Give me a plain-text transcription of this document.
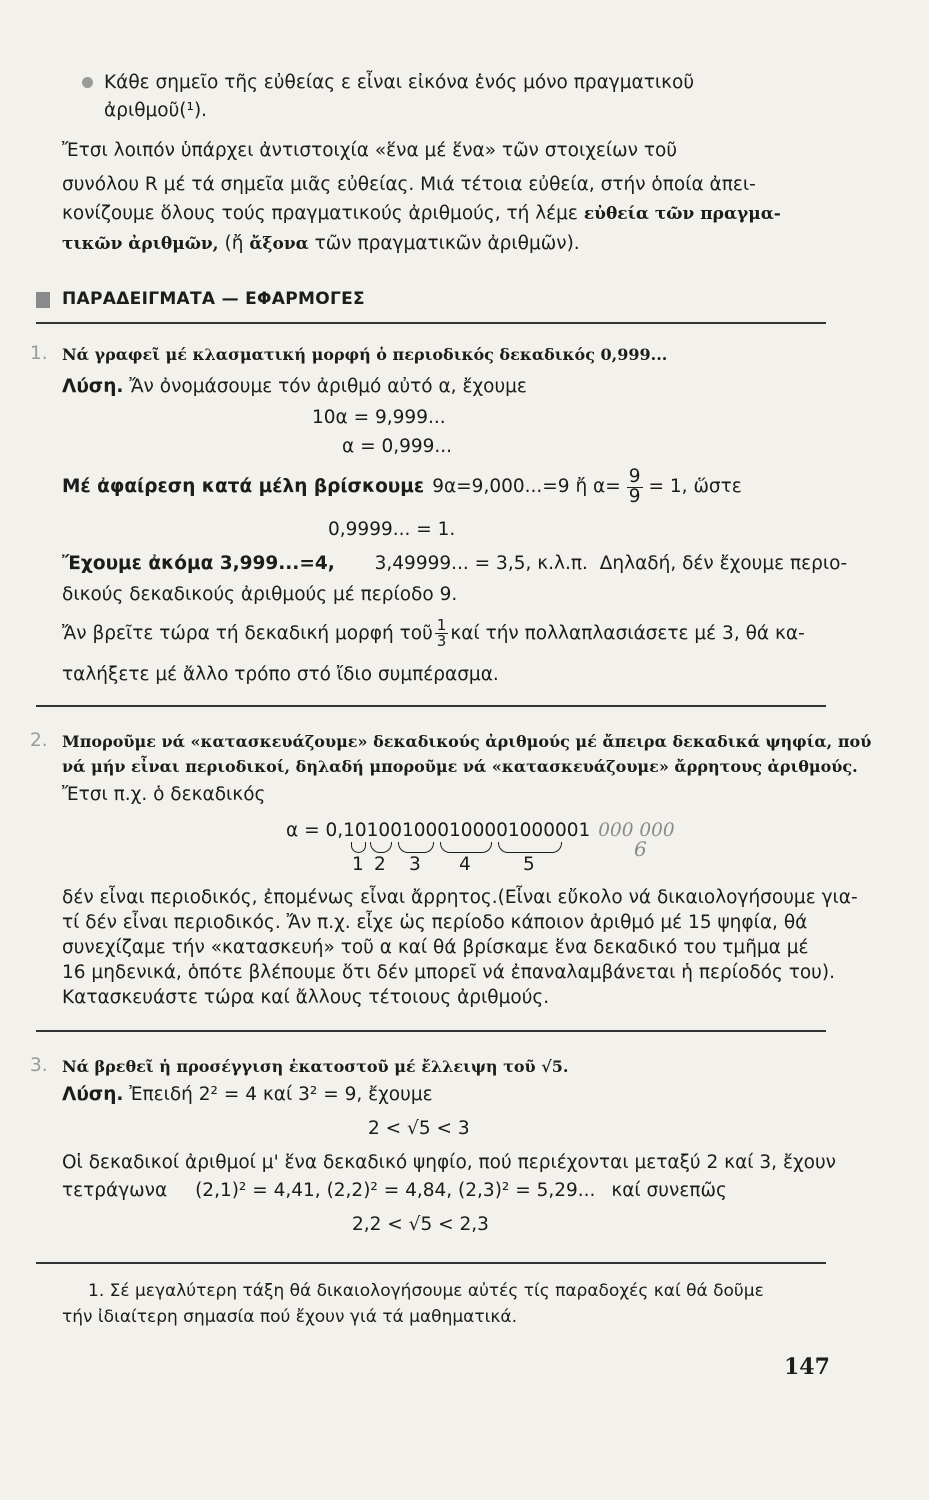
Κάθε σημεῖο τῆς εὐθείας ε εἶναι εἰκόνα ἑνός μόνο πραγματικοῦ
ἀριθμοῦ(¹).
Ἔτσι λοιπόν ὑπάρχει ἀντιστοιχία «ἕνα μέ ἕνα» τῶν στοιχείων τοῦ
συνόλου R μέ τά σημεῖα μιᾶς εὐθείας. Μιά τέτοια εὐθεία, στήν ὁποία ἀπει-
κονίζουμε ὅλους τούς πραγματικούς ἀριθμούς, τή λέμε εὐθεία τῶν πραγμα-
τικῶν ἀριθμῶν, (ἤ ἄξονα τῶν πραγματικῶν ἀριθμῶν).
ΠΑΡΑΔΕΙΓΜΑΤΑ — ΕΦΑΡΜΟΓΕΣ
1. Νά γραφεῖ μέ κλασματική μορφή ὁ περιοδικός δεκαδικός 0,999...
Λύση. Ἄν ὀνομάσουμε τόν ἀριθμό αὐτό α, ἔχουμε
10α = 9,999...
α = 0,999...
Μέ ἀφαίρεση κατά μέλη βρίσκουμε 9α=9,000...=9 ἤ $\alpha= \frac{9}{9} = 1$, ὥστε
0,9999... = 1.
Ἔχουμε ἀκόμα 3,999...=4, 3,49999... = 3,5, κ.λ.π. Δηλαδή, δέν ἔχουμε περιο-
δικούς δεκαδικούς ἀριθμούς μέ περίοδο 9.
Ἄν βρεῖτε τώρα τή δεκαδική μορφή τοῦ $\frac{1}{3}$ καί τήν πολλαπλασιάσετε μέ 3, θά κα-
ταλήξετε μέ ἄλλο τρόπο στό ἴδιο συμπέρασμα.
2. Μποροῦμε νά «κατασκευάζουμε» δεκαδικούς ἀριθμούς μέ ἄπειρα δεκαδικά ψηφία, πού
νά μήν εἶναι περιοδικοί, δηλαδή μποροῦμε νά «κατασκευάζουμε» ἄρρητους ἀριθμούς.
Ἔτσι π.χ. ὁ δεκαδικός
α = 0,101001000100001000001 000 000
6
1 2 3 4	5
δέν εἶναι περιοδικός, ἐπομένως εἶναι ἄρρητος.(Εἶναι εὔκολο νά δικαιολογήσουμε για-
τί δέν εἶναι περιοδικός. Ἄν π.χ. εἶχε ὡς περίοδο κάποιον ἀριθμό μέ 15 ψηφία, θά
συνεχίζαμε τήν «κατασκευή» τοῦ α καί θά βρίσκαμε ἕνα δεκαδικό του τμῆμα μέ
16 μηδενικά, ὁπότε βλέπουμε ὅτι δέν μπορεῖ νά ἐπαναλαμβάνεται ἡ περίοδός του).
Κατασκευάστε τώρα καί ἄλλους τέτοιους ἀριθμούς.
3. Νά βρεθεῖ ἡ προσέγγιση ἑκατοστοῦ μέ ἔλλειψη τοῦ √5.
Λύση. Ἐπειδή 2² = 4 καί 3² = 9, ἔχουμε
2 < √5 < 3
Οἱ δεκαδικοί ἀριθμοί μ' ἕνα δεκαδικό ψηφίο, πού περιέχονται μεταξύ 2 καί 3, ἔχουν
τετράγωνα (2,1)² = 4,41, (2,2)² = 4,84, (2,3)² = 5,29... καί συνεπῶς
2,2 < √5 < 2,3
1. Σέ μεγαλύτερη τάξη θά δικαιολογήσουμε αὐτές τίς παραδοχές καί θά δοῦμε
τήν ἰδιαίτερη σημασία πού ἔχουν γιά τά μαθηματικά.
147
